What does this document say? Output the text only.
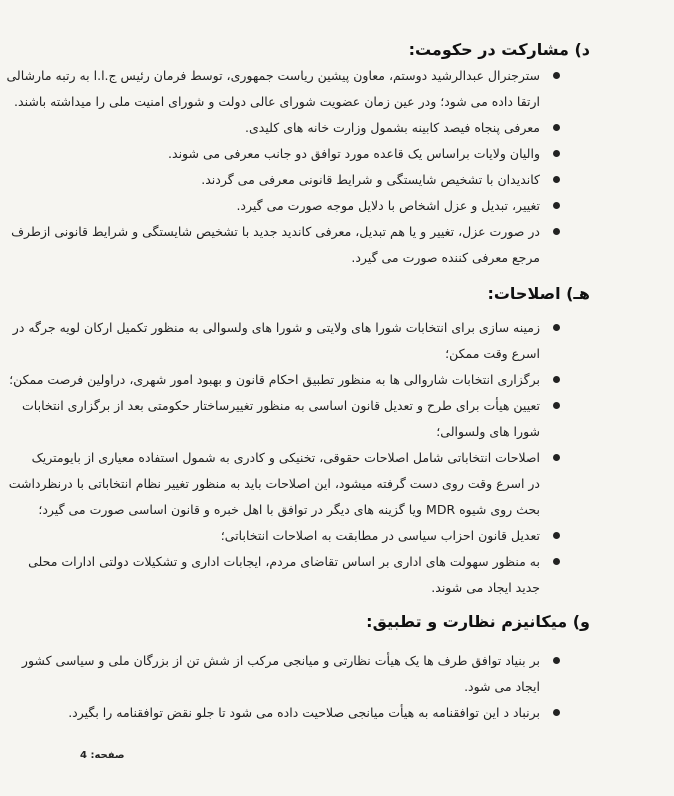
د) مشارکت در حکومت:
سترجنرال عبدالرشید دوستم، معاون پیشین ریاست جمهوری، توسط فرمان رئیس ج.ا.ا به رتبه مارشالی
ارتقا داده می شود؛ ودر عین زمان عضویت شورای عالی دولت و شورای امنیت ملی را میداشته باشند.
معرفی پنجاه فیصد کابینه بشمول وزارت خانه های کلیدی.
والیان ولایات براساس یک قاعده مورد توافق دو جانب معرفی می شوند.
کاندیدان با تشخیص شایستگی و شرایط قانونی معرفی می گردند.
تغییر، تبدیل و عزل اشخاص با دلایل موجه صورت می گیرد.
در صورت عزل، تغییر و یا هم تبدیل، معرفی کاندید جدید با تشخیص شایستگی و شرایط قانونی ازطرف
مرجع معرفی کننده صورت می گیرد.
هـ) اصلاحات:
زمینه سازی برای انتخابات شورا های ولایتی و شورا های ولسوالی به منظور تکمیل ارکان لویه جرگه در
اسرع وقت ممکن؛
برگزاری انتخابات شاروالی ها به منظور تطبیق احکام قانون و بهبود امور شهری، دراولین فرصت ممکن؛
تعیین هیأت برای طرح و تعدیل قانون اساسی به منظور تغییرساختار حکومتی بعد از برگزاری انتخابات
شورا های ولسوالی؛
اصلاحات انتخاباتی شامل اصلاحات حقوقی، تخنیکی و کادری به شمول استفاده معیاری از بایومتریک
در اسرع وقت روی دست گرفته میشود، این اصلاحات باید به منظور تغییر نظام انتخاباتی با درنظرداشت
بحث روی شیوه MDR ویا گزینه های دیگر در توافق با اهل خبره و قانون اساسی صورت می گیرد؛
تعدیل قانون احزاب سیاسی در مطابقت به اصلاحات انتخاباتی؛
به منظور سهولت های اداری بر اساس تقاضای مردم، ایجابات اداری و تشکیلات دولتی ادارات محلی
جدید ایجاد می شوند.
و) میکانیزم نظارت و تطبیق:
بر بنیاد توافق طرف ها یک هیأت نظارتی و میانجی مرکب از شش تن از بزرگان ملی و سیاسی کشور
ایجاد می شود.
برنباد د این توافقنامه به هیأت میانجی صلاحیت داده می شود تا جلو نقض توافقنامه را بگیرد.
صفحه: 4
